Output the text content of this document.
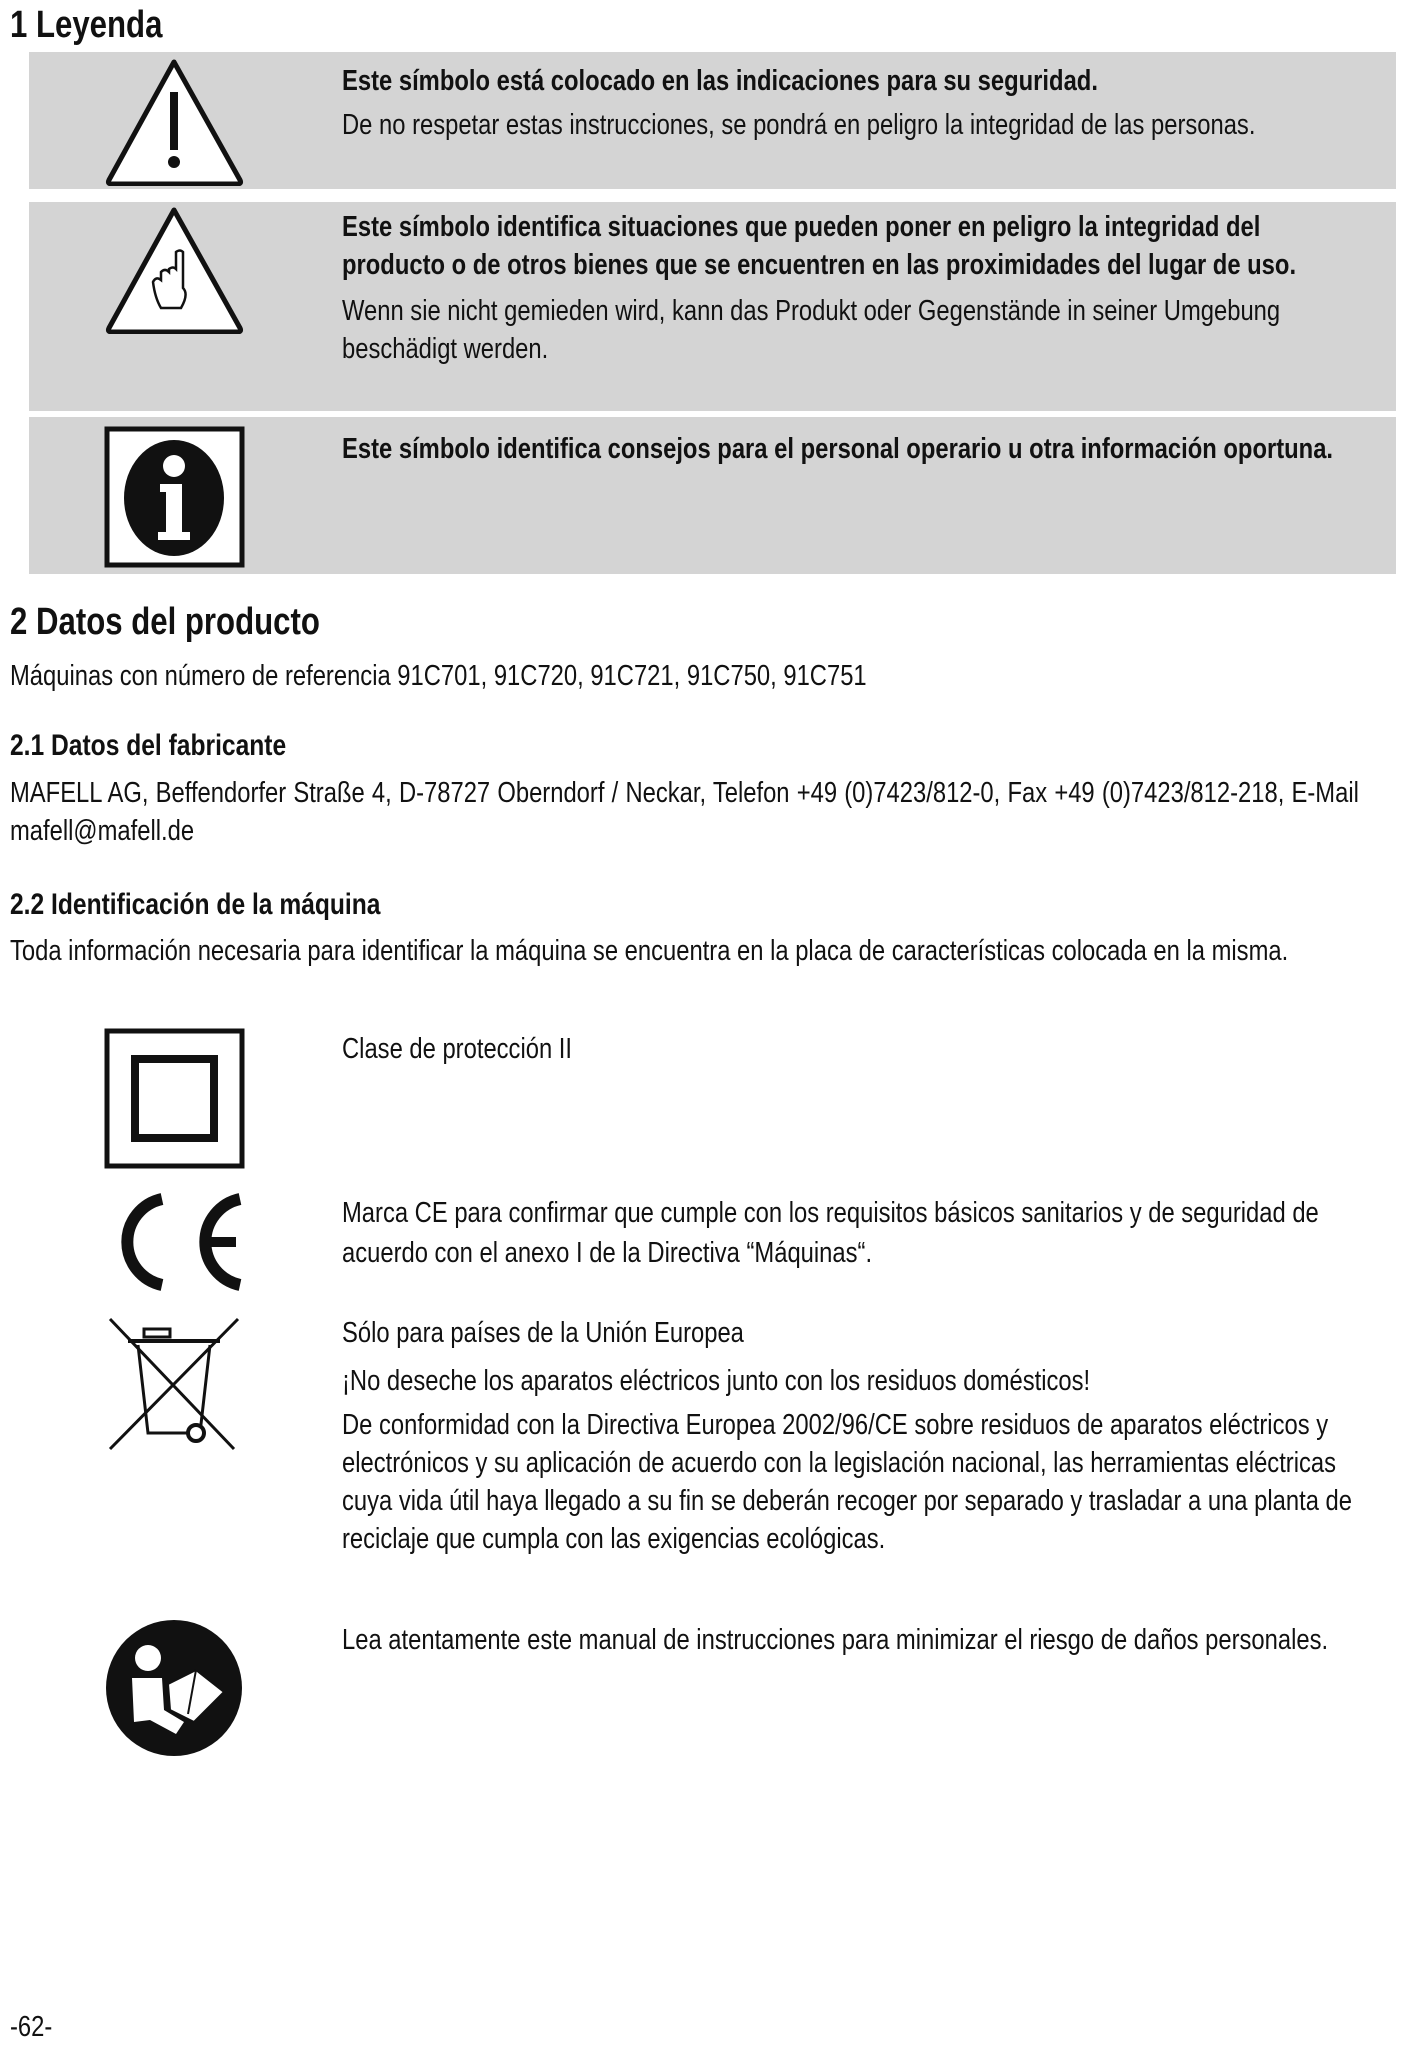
1 Leyenda

Este símbolo está colocado en las indicaciones para su seguridad.

De no respetar estas instrucciones, se pondrá en peligro la integridad de las personas.

Este símbolo identifica situaciones que pueden poner en peligro la integridad del producto o de otros bienes que se encuentren en las proximidades del lugar de uso.

Wenn sie nicht gemieden wird, kann das Produkt oder Gegenstände in seiner Umgebung beschädigt werden.

Este símbolo identifica consejos para el personal operario u otra información oportuna.

2 Datos del producto
Máquinas con número de referencia 91C701, 91C720, 91C721, 91C750, 91C751
2.1 Datos del fabricante
MAFELL AG, Beffendorfer Straße 4, D-78727 Oberndorf / Neckar, Telefon +49 (0)7423/812-0, Fax +49 (0)7423/812-218, E-Mail mafell@mafell.de
2.2 Identificación de la máquina
Toda información necesaria para identificar la máquina se encuentra en la placa de características colocada en la misma.
Clase de protección II
Marca CE para confirmar que cumple con los requisitos básicos sanitarios y de seguridad de acuerdo con el anexo I de la Directiva “Máquinas“.

Sólo para países de la Unión Europea

¡No deseche los aparatos eléctricos junto con los residuos domésticos!

De conformidad con la Directiva Europea 2002/96/CE sobre residuos de aparatos eléctricos y electrónicos y su aplicación de acuerdo con la legislación nacional, las herramientas eléctricas cuya vida útil haya llegado a su fin se deberán recoger por separado y trasladar a una planta de reciclaje que cumpla con las exigencias ecológicas.

Lea atentamente este manual de instrucciones para minimizar el riesgo de daños personales.
-62-
